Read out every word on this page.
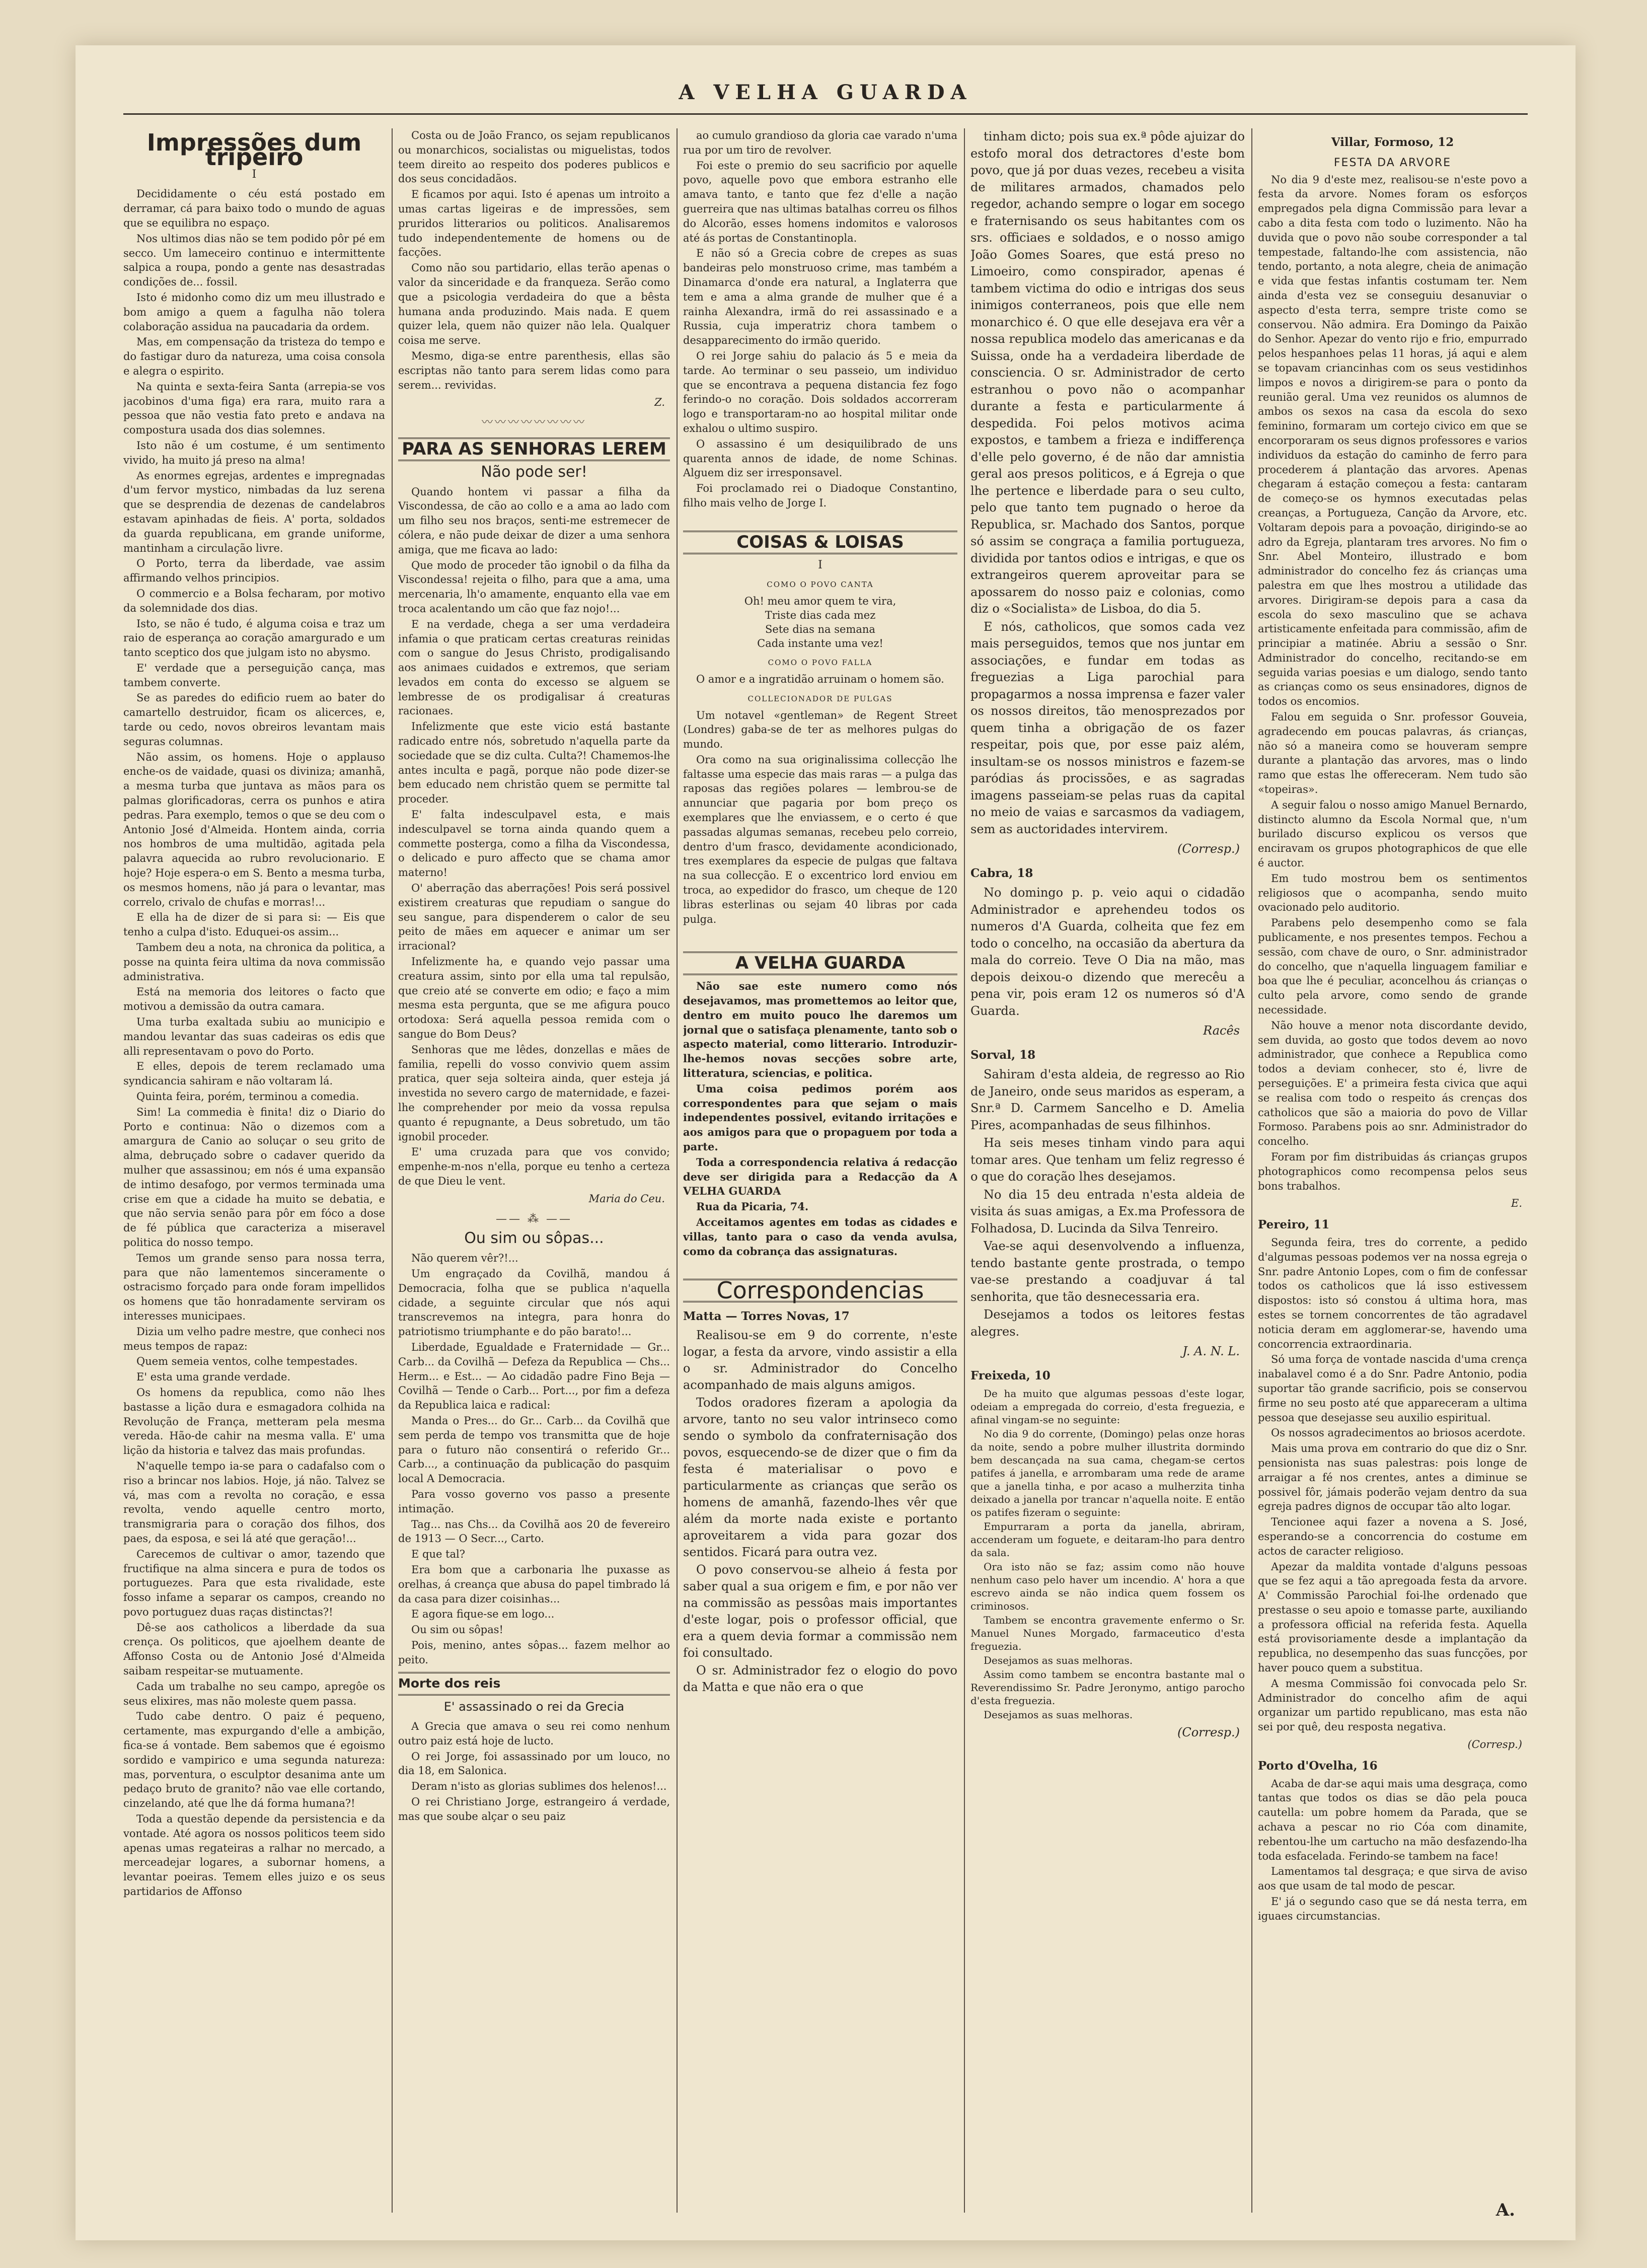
A VELHA GUARDA
Impressões dum tripeiro
I

Decididamente o céu está postado em derramar, cá para baixo todo o mundo de aguas que se equilibra no espaço.

Nos ultimos dias não se tem podido pôr pé em secco. Um lameceiro continuo e intermittente salpica a roupa, pondo a gente nas desastradas condições de... fossil.

Isto é midonho como diz um meu illustrado e bom amigo a quem a fagulha não tolera colaboração assidua na paucadaria da ordem.

Mas, em compensação da tristeza do tempo e do fastigar duro da natureza, uma coisa consola e alegra o espirito.

Na quinta e sexta-feira Santa (arrepia-se vos jacobinos d'uma figa) era rara, muito rara a pessoa que não vestia fato preto e andava na compostura usada dos dias solemnes.

Isto não é um costume, é um sentimento vivido, ha muito já preso na alma!

As enormes egrejas, ardentes e impregnadas d'um fervor mystico, nimbadas da luz serena que se desprendia de dezenas de candelabros estavam apinhadas de fieis. A' porta, soldados da guarda republicana, em grande uniforme, mantinham a circulação livre.

O Porto, terra da liberdade, vae assim affirmando velhos principios.

O commercio e a Bolsa fecharam, por motivo da solemnidade dos dias.

Isto, se não é tudo, é alguma coisa e traz um raio de esperança ao coração amargurado e um tanto sceptico dos que julgam isto no abysmo.

E' verdade que a perseguição cança, mas tambem converte.

Se as paredes do edificio ruem ao bater do camartello destruidor, ficam os alicerces, e, tarde ou cedo, novos obreiros levantam mais seguras columnas.

Não assim, os homens. Hoje o applauso enche-os de vaidade, quasi os diviniza; amanhã, a mesma turba que juntava as mãos para os palmas glorificadoras, cerra os punhos e atira pedras. Para exemplo, temos o que se deu com o Antonio José d'Almeida. Hontem ainda, corria nos hombros de uma multidão, agitada pela palavra aquecida ao rubro revolucionario. E hoje? Hoje espera-o em S. Bento a mesma turba, os mesmos homens, não já para o levantar, mas correlo, crivalo de chufas e morras!...

E ella ha de dizer de si para si: — Eis que tenho a culpa d'isto. Eduquei-os assim...

Tambem deu a nota, na chronica da politica, a posse na quinta feira ultima da nova commissão administrativa.

Está na memoria dos leitores o facto que motivou a demissão da outra camara.

Uma turba exaltada subiu ao municipio e mandou levantar das suas cadeiras os edis que alli representavam o povo do Porto.

E elles, depois de terem reclamado uma syndicancia sahiram e não voltaram lá.

Quinta feira, porém, terminou a comedia.

Sim! La commedia è finita! diz o Diario do Porto e continua: Não o dizemos com a amargura de Canio ao soluçar o seu grito de alma, debruçado sobre o cadaver querido da mulher que assassinou; em nós é uma expansão de intimo desafogo, por vermos terminada uma crise em que a cidade ha muito se debatia, e que não servia senão para pôr em fóco a dose de fé pública que caracteriza a miseravel politica do nosso tempo.

Temos um grande senso para nossa terra, para que não lamentemos sinceramente o ostracismo forçado para onde foram impellidos os homens que tão honradamente serviram os interesses municipaes.

Dizia um velho padre mestre, que conheci nos meus tempos de rapaz:

Quem semeia ventos, colhe tempestades.

E' esta uma grande verdade.

Os homens da republica, como não lhes bastasse a lição dura e esmagadora colhida na Revolução de França, metteram pela mesma vereda. Hão-de cahir na mesma valla. E' uma lição da historia e talvez das mais profundas.

N'aquelle tempo ia-se para o cadafalso com o riso a brincar nos labios. Hoje, já não. Talvez se vá, mas com a revolta no coração, e essa revolta, vendo aquelle centro morto, transmigraria para o coração dos filhos, dos paes, da esposa, e sei lá até que geração!...

Carecemos de cultivar o amor, tazendo que fructifique na alma sincera e pura de todos os portuguezes. Para que esta rivalidade, este fosso infame a separar os campos, creando no povo portuguez duas raças distinctas?!

Dê-se aos catholicos a liberdade da sua crença. Os politicos, que ajoelhem deante de Affonso Costa ou de Antonio José d'Almeida saibam respeitar-se mutuamente.

Cada um trabalhe no seu campo, apregôe os seus elixires, mas não moleste quem passa.

Tudo cabe dentro. O paiz é pequeno, certamente, mas expurgando d'elle a ambição, fica-se á vontade. Bem sabemos que é egoismo sordido e vampirico e uma segunda natureza: mas, porventura, o esculptor desanima ante um pedaço bruto de granito? não vae elle cortando, cinzelando, até que lhe dá forma humana?!

Toda a questão depende da persistencia e da vontade. Até agora os nossos politicos teem sido apenas umas regateiras a ralhar no mercado, a merceadejar logares, a subornar homens, a levantar poeiras. Temem elles juizo e os seus partidarios de Affonso

Costa ou de João Franco, os sejam republicanos ou monarchicos, socialistas ou miguelistas, todos teem direito ao respeito dos poderes publicos e dos seus concidadãos.

E ficamos por aqui. Isto é apenas um introito a umas cartas ligeiras e de impressões, sem pruridos litterarios ou politicos. Analisaremos tudo independentemente de homens ou de facções.

Como não sou partidario, ellas terão apenas o valor da sinceridade e da franqueza. Serão como que a psicologia verdadeira do que a bêsta humana anda produzindo. Mais nada. E quem quizer lela, quem não quizer não lela. Qualquer coisa me serve.

Mesmo, diga-se entre parenthesis, ellas são escriptas não tanto para serem lidas como para serem... revividas.

Z.
〰〰〰〰〰〰〰〰
PARA AS SENHORAS LEREM
Não pode ser!

Quando hontem vi passar a filha da Viscondessa, de cão ao collo e a ama ao lado com um filho seu nos braços, senti-me estremecer de cólera, e não pude deixar de dizer a uma senhora amiga, que me ficava ao lado:

Que modo de proceder tão ignobil o da filha da Viscondessa! rejeita o filho, para que a ama, uma mercenaria, lh'o amamente, enquanto ella vae em troca acalentando um cão que faz nojo!...

E na verdade, chega a ser uma verdadeira infamia o que praticam certas creaturas reinidas com o sangue do Jesus Christo, prodigalisando aos animaes cuidados e extremos, que seriam levados em conta do excesso se alguem se lembresse de os prodigalisar á creaturas racionaes.

Infelizmente que este vicio está bastante radicado entre nós, sobretudo n'aquella parte da sociedade que se diz culta. Culta?! Chamemos-lhe antes inculta e pagã, porque não pode dizer-se bem educado nem christão quem se permitte tal proceder.

E' falta indesculpavel esta, e mais indesculpavel se torna ainda quando quem a commette posterga, como a filha da Viscondessa, o delicado e puro affecto que se chama amor materno!

O' aberração das aberrações! Pois será possivel existirem creaturas que repudiam o sangue do seu sangue, para dispenderem o calor de seu peito de mães em aquecer e animar um ser irracional?

Infelizmente ha, e quando vejo passar uma creatura assim, sinto por ella uma tal repulsão, que creio até se converte em odio; e faço a mim mesma esta pergunta, que se me afigura pouco ortodoxa: Será aquella pessoa remida com o sangue do Bom Deus?

Senhoras que me lêdes, donzellas e mães de familia, repelli do vosso convivio quem assim pratica, quer seja solteira ainda, quer esteja já investida no severo cargo de maternidade, e fazei-lhe comprehender por meio da vossa repulsa quanto é repugnante, a Deus sobretudo, um tão ignobil proceder.

E' uma cruzada para que vos convido; empenhe-m-nos n'ella, porque eu tenho a certeza de que Dieu le vent.

Maria do Ceu.
—— ⁂ ——
Ou sim ou sôpas...

Não querem vêr?!...

Um engraçado da Covilhã, mandou á Democracia, folha que se publica n'aquella cidade, a seguinte circular que nós aqui transcrevemos na integra, para honra do patriotismo triumphante e do pão barato!...

Liberdade, Egualdade e Fraternidade — Gr... Carb... da Covilhã — Defeza da Republica — Chs... Herm... e Est... — Ao cidadão padre Fino Beja — Covilhã — Tende o Carb... Port..., por fim a defeza da Republica laica e radical:

Manda o Pres... do Gr... Carb... da Covilhã que sem perda de tempo vos transmitta que de hoje para o futuro não consentirá o referido Gr... Carb..., a continuação da publicação do pasquim local A Democracia.

Para vosso governo vos passo a presente intimação.

Tag... nas Chs... da Covilhã aos 20 de fevereiro de 1913 — O Secr..., Carto.

E que tal?

Era bom que a carbonaria lhe puxasse as orelhas, á creança que abusa do papel timbrado lá da casa para dizer coisinhas...

E agora fique-se em logo...

Ou sim ou sôpas!

Pois, menino, antes sôpas... fazem melhor ao peito.

Morte dos reis
E' assassinado o rei da Grecia

A Grecia que amava o seu rei como nenhum outro paiz está hoje de lucto.

O rei Jorge, foi assassinado por um louco, no dia 18, em Salonica.

Deram n'isto as glorias sublimes dos helenos!...

O rei Christiano Jorge, estrangeiro á verdade, mas que soube alçar o seu paiz

ao cumulo grandioso da gloria cae varado n'uma rua por um tiro de revolver.

Foi este o premio do seu sacrificio por aquelle povo, aquelle povo que embora estranho elle amava tanto, e tanto que fez d'elle a nação guerreira que nas ultimas batalhas correu os filhos do Alcorão, esses homens indomitos e valorosos até ás portas de Constantinopla.

E não só a Grecia cobre de crepes as suas bandeiras pelo monstruoso crime, mas também a Dinamarca d'onde era natural, a Inglaterra que tem e ama a alma grande de mulher que é a rainha Alexandra, irmã do rei assassinado e a Russia, cuja imperatriz chora tambem o desapparecimento do irmão querido.

O rei Jorge sahiu do palacio ás 5 e meia da tarde. Ao terminar o seu passeio, um individuo que se encontrava a pequena distancia fez fogo ferindo-o no coração. Dois soldados accorreram logo e transportaram-no ao hospital militar onde exhalou o ultimo suspiro.

O assassino é um desiquilibrado de uns quarenta annos de idade, de nome Schinas. Alguem diz ser irresponsavel.

Foi proclamado rei o Diadoque Constantino, filho mais velho de Jorge I.

COISAS & LOISAS
I
COMO O POVO CANTA
Oh! meu amor quem te vira,
Triste dias cada mez
Sete dias na semana
Cada instante uma vez!
COMO O POVO FALLA

O amor e a ingratidão arruinam o homem são.

COLLECIONADOR DE PULGAS

Um notavel «gentleman» de Regent Street (Londres) gaba-se de ter as melhores pulgas do mundo.

Ora como na sua originalissima collecção lhe faltasse uma especie das mais raras — a pulga das raposas das regiões polares — lembrou-se de annunciar que pagaria por bom preço os exemplares que lhe enviassem, e o certo é que passadas algumas semanas, recebeu pelo correio, dentro d'um frasco, devidamente acondicionado, tres exemplares da especie de pulgas que faltava na sua collecção. E o excentrico lord enviou em troca, ao expedidor do frasco, um cheque de 120 libras esterlinas ou sejam 40 libras por cada pulga.

A VELHA GUARDA

Não sae este numero como nós desejavamos, mas promettemos ao leitor que, dentro em muito pouco lhe daremos um jornal que o satisfaça plenamente, tanto sob o aspecto material, como litterario. Introduzir-lhe-hemos novas secções sobre arte, litteratura, sciencias, e politica.

Uma coisa pedimos porém aos correspondentes para que sejam o mais independentes possivel, evitando irritações e aos amigos para que o propaguem por toda a parte.

Toda a correspondencia relativa á redacção deve ser dirigida para a Redacção da A VELHA GUARDA

Rua da Picaria, 74.

Acceitamos agentes em todas as cidades e villas, tanto para o caso da venda avulsa, como da cobrança das assignaturas.

Correspondencias
Matta — Torres Novas, 17

Realisou-se em 9 do corrente, n'este logar, a festa da arvore, vindo assistir a ella o sr. Administrador do Concelho acompanhado de mais alguns amigos.

Todos oradores fizeram a apologia da arvore, tanto no seu valor intrinseco como sendo o symbolo da confraternisação dos povos, esquecendo-se de dizer que o fim da festa é materialisar o povo e particularmente as crianças que serão os homens de amanhã, fazendo-lhes vêr que além da morte nada existe e portanto aproveitarem a vida para gozar dos sentidos. Ficará para outra vez.

O povo conservou-se alheio á festa por saber qual a sua origem e fim, e por não ver na commissão as pessôas mais importantes d'este logar, pois o professor official, que era a quem devia formar a commissão nem foi consultado.

O sr. Administrador fez o elogio do povo da Matta e que não era o que

tinham dicto; pois sua ex.ª pôde ajuizar do estofo moral dos detractores d'este bom povo, que já por duas vezes, recebeu a visita de militares armados, chamados pelo regedor, achando sempre o logar em socego e fraternisando os seus habitantes com os srs. officiaes e soldados, e o nosso amigo João Gomes Soares, que está preso no Limoeiro, como conspirador, apenas é tambem victima do odio e intrigas dos seus inimigos conterraneos, pois que elle nem monarchico é. O que elle desejava era vêr a nossa republica modelo das americanas e da Suissa, onde ha a verdadeira liberdade de consciencia. O sr. Administrador de certo estranhou o povo não o acompanhar durante a festa e particularmente á despedida. Foi pelos motivos acima expostos, e tambem a frieza e indifferença d'elle pelo governo, é de não dar amnistia geral aos presos politicos, e á Egreja o que lhe pertence e liberdade para o seu culto, pelo que tanto tem pugnado o heroe da Republica, sr. Machado dos Santos, porque só assim se congraça a familia portugueza, dividida por tantos odios e intrigas, e que os extrangeiros querem aproveitar para se apossarem do nosso paiz e colonias, como diz o «Socialista» de Lisboa, do dia 5.

E nós, catholicos, que somos cada vez mais perseguidos, temos que nos juntar em associações, e fundar em todas as freguezias a Liga parochial para propagarmos a nossa imprensa e fazer valer os nossos direitos, tão menosprezados por quem tinha a obrigação de os fazer respeitar, pois que, por esse paiz além, insultam-se os nossos ministros e fazem-se paródias ás procissões, e as sagradas imagens passeiam-se pelas ruas da capital no meio de vaias e sarcasmos da vadiagem, sem as auctoridades intervirem.

(Corresp.)
Cabra, 18

No domingo p. p. veio aqui o cidadão Administrador e aprehendeu todos os numeros d'A Guarda, colheita que fez em todo o concelho, na occasião da abertura da mala do correio. Teve O Dia na mão, mas depois deixou-o dizendo que merecêu a pena vir, pois eram 12 os numeros só d'A Guarda.

Racês
Sorval, 18

Sahiram d'esta aldeia, de regresso ao Rio de Janeiro, onde seus maridos as esperam, a Snr.ª D. Carmem Sancelho e D. Amelia Pires, acompanhadas de seus filhinhos.

Ha seis meses tinham vindo para aqui tomar ares. Que tenham um feliz regresso é o que do coração lhes desejamos.

No dia 15 deu entrada n'esta aldeia de visita ás suas amigas, a Ex.ma Professora de Folhadosa, D. Lucinda da Silva Tenreiro.

Vae-se aqui desenvolvendo a influenza, tendo bastante gente prostrada, o tempo vae-se prestando a coadjuvar á tal senhorita, que tão desnecessaria era.

Desejamos a todos os leitores festas alegres.

J. A. N. L.
Freixeda, 10

De ha muito que algumas pessoas d'este logar, odeiam a empregada do correio, d'esta freguezia, e afinal vingam-se no seguinte:

No dia 9 do corrente, (Domingo) pelas onze horas da noite, sendo a pobre mulher illustrita dormindo bem descançada na sua cama, chegam-se certos patifes á janella, e arrombaram uma rede de arame que a janella tinha, e por acaso a mulherzita tinha deixado a janella por trancar n'aquella noite. E então os patifes fizeram o seguinte:

Empurraram a porta da janella, abriram, accenderam um foguete, e deitaram-lho para dentro da sala.

Ora isto não se faz; assim como não houve nenhum caso pelo haver um incendio. A' hora a que escrevo ainda se não indica quem fossem os criminosos.

Tambem se encontra gravemente enfermo o Sr. Manuel Nunes Morgado, farmaceutico d'esta freguezia.

Desejamos as suas melhoras.

Assim como tambem se encontra bastante mal o Reverendissimo Sr. Padre Jeronymo, antigo parocho d'esta freguezia.

Desejamos as suas melhoras.

(Corresp.)
Villar, Formoso, 12
FESTA DA ARVORE

No dia 9 d'este mez, realisou-se n'este povo a festa da arvore. Nomes foram os esforços empregados pela digna Commissão para levar a cabo a dita festa com todo o luzimento. Não ha duvida que o povo não soube corresponder a tal tempestade, faltando-lhe com assistencia, não tendo, portanto, a nota alegre, cheia de animação e vida que festas infantis costumam ter. Nem ainda d'esta vez se conseguiu desanuviar o aspecto d'esta terra, sempre triste como se conservou. Não admira. Era Domingo da Paixão do Senhor. Apezar do vento rijo e frio, empurrado pelos hespanhoes pelas 11 horas, já aqui e alem se topavam criancinhas com os seus vestidinhos limpos e novos a dirigirem-se para o ponto da reunião geral. Uma vez reunidos os alumnos de ambos os sexos na casa da escola do sexo feminino, formaram um cortejo civico em que se encorporaram os seus dignos professores e varios individuos da estação do caminho de ferro para procederem á plantação das arvores. Apenas chegaram á estação começou a festa: cantaram de começo-se os hymnos executadas pelas creanças, a Portugueza, Canção da Arvore, etc. Voltaram depois para a povoação, dirigindo-se ao adro da Egreja, plantaram tres arvores. No fim o Snr. Abel Monteiro, illustrado e bom administrador do concelho fez ás crianças uma palestra em que lhes mostrou a utilidade das arvores. Dirigiram-se depois para a casa da escola do sexo masculino que se achava artisticamente enfeitada para commissão, afim de principiar a matinée. Abriu a sessão o Snr. Administrador do concelho, recitando-se em seguida varias poesias e um dialogo, sendo tanto as crianças como os seus ensinadores, dignos de todos os encomios.

Falou em seguida o Snr. professor Gouveia, agradecendo em poucas palavras, ás crianças, não só a maneira como se houveram sempre durante a plantação das arvores, mas o lindo ramo que estas lhe offereceram. Nem tudo são «topeiras».

A seguir falou o nosso amigo Manuel Bernardo, distincto alumno da Escola Normal que, n'um burilado discurso explicou os versos que enciravam os grupos photographicos de que elle é auctor.

Em tudo mostrou bem os sentimentos religiosos que o acompanha, sendo muito ovacionado pelo auditorio.

Parabens pelo desempenho como se fala publicamente, e nos presentes tempos. Fechou a sessão, com chave de ouro, o Snr. administrador do concelho, que n'aquella linguagem familiar e boa que lhe é peculiar, aconcelhou ás crianças o culto pela arvore, como sendo de grande necessidade.

Não houve a menor nota discordante devido, sem duvida, ao gosto que todos devem ao novo administrador, que conhece a Republica como todos a deviam conhecer, sto é, livre de perseguições. E' a primeira festa civica que aqui se realisa com todo o respeito ás crenças dos catholicos que são a maioria do povo de Villar Formoso. Parabens pois ao snr. Administrador do concelho.

Foram por fim distribuidas ás crianças grupos photographicos como recompensa pelos seus bons trabalhos.

E.
Pereiro, 11

Segunda feira, tres do corrente, a pedido d'algumas pessoas podemos ver na nossa egreja o Snr. padre Antonio Lopes, com o fim de confessar todos os catholicos que lá isso estivessem dispostos: isto só constou á ultima hora, mas estes se tornem concorrentes de tão agradavel noticia deram em agglomerar-se, havendo uma concorrencia extraordinaria.

Só uma força de vontade nascida d'uma crença inabalavel como é a do Snr. Padre Antonio, podia suportar tão grande sacrificio, pois se conservou firme no seu posto até que appareceram a ultima pessoa que desejasse seu auxilio espiritual.

Os nossos agradecimentos ao briosos acerdote.

Mais uma prova em contrario do que diz o Snr. pensionista nas suas palestras: pois longe de arraigar a fé nos crentes, antes a diminue se possivel fôr, jámais poderão vejam dentro da sua egreja padres dignos de occupar tão alto logar.

Tencionee aqui fazer a novena a S. José, esperando-se a concorrencia do costume em actos de caracter religioso.

Apezar da maldita vontade d'alguns pessoas que se fez aqui a tão apregoada festa da arvore. A' Commissão Parochial foi-lhe ordenado que prestasse o seu apoio e tomasse parte, auxiliando a professora official na referida festa. Aquella está provisoriamente desde a implantação da republica, no desempenho das suas funcções, por haver pouco quem a substitua.

A mesma Commissão foi convocada pelo Sr. Administrador do concelho afim de aqui organizar um partido republicano, mas esta não sei por quê, deu resposta negativa.

(Corresp.)
Porto d'Ovelha, 16

Acaba de dar-se aqui mais uma desgraça, como tantas que todos os dias se dão pela pouca cautella: um pobre homem da Parada, que se achava a pescar no rio Cóa com dinamite, rebentou-lhe um cartucho na mão desfazendo-lha toda esfacelada. Ferindo-se tambem na face!

Lamentamos tal desgraça; e que sirva de aviso aos que usam de tal modo de pescar.

E' já o segundo caso que se dá nesta terra, em iguaes circumstancias.

A.
